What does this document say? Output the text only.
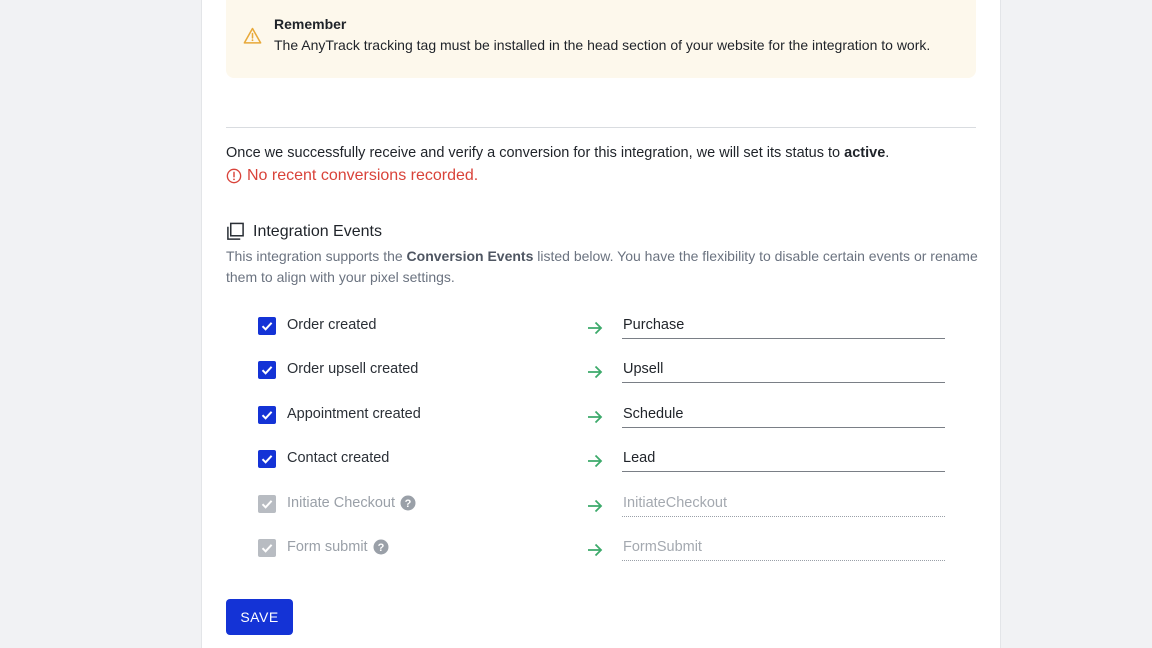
Remember
The AnyTrack tracking tag must be installed in the head section of your website for the integration to work.
Once we successfully receive and verify a conversion for this integration, we will set its status to active.
No recent conversions recorded.
Integration Events
This integration supports the Conversion Events listed below. You have the flexibility to disable certain events or rename them to align with your pixel settings.
Order created
Purchase
Order upsell created
Upsell
Appointment created
Schedule
Contact created
Lead
Initiate Checkout ?
InitiateCheckout
Form submit ?
FormSubmit
SAVE
